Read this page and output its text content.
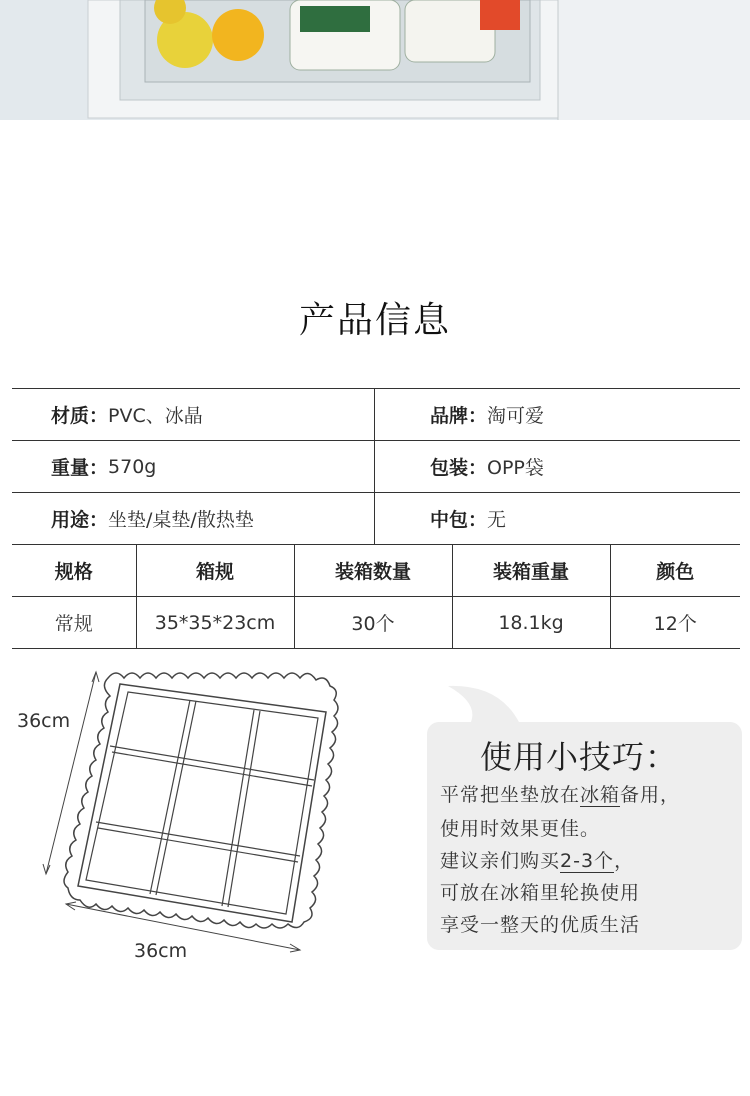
产品信息
材质： PVC、冰晶	品牌： 淘可爱
重量： 570g	包装： OPP袋
用途： 坐垫/桌垫/散热垫	中包： 无
规格	箱规	装箱数量	装箱重量	颜色
常规	35*35*23cm	30个	18.1kg	12个
36cm
36cm
使用小技巧：
平常把坐垫放在冰箱备用，
使用时效果更佳。
建议亲们购买2-3个，
可放在冰箱里轮换使用
享受一整天的优质生活
